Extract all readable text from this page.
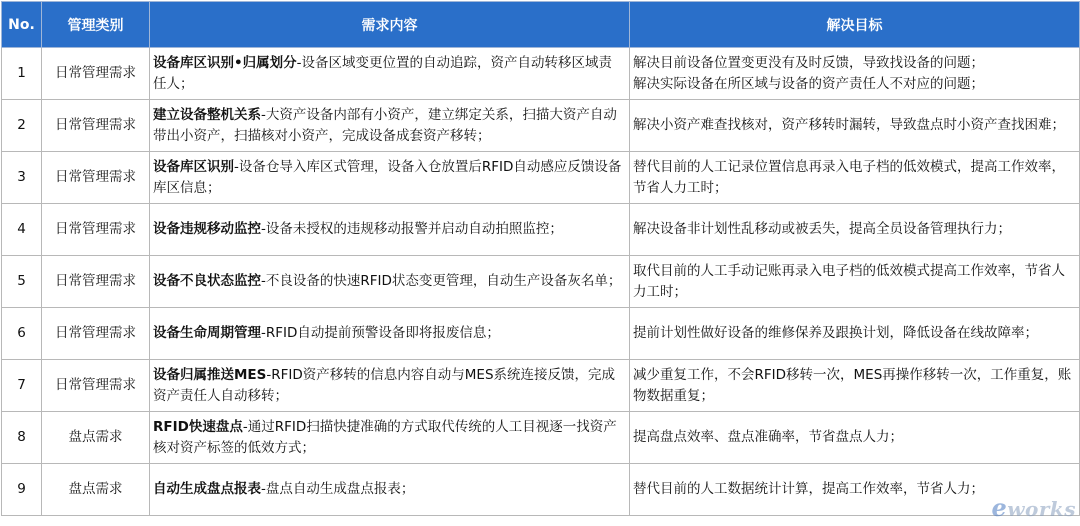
No.	管理类别	需求内容	解决目标
1	日常管理需求	设备库区识别•归属划分-设备区域变更位置的自动追踪，资产自动转移区域责任人；	解决目前设备位置变更没有及时反馈，导致找设备的问题；
解决实际设备在所区域与设备的资产责任人不对应的问题；
2	日常管理需求	建立设备整机关系-大资产设备内部有小资产，建立绑定关系，扫描大资产自动带出小资产，扫描核对小资产，完成设备成套资产移转；	解决小资产难查找核对，资产移转时漏转，导致盘点时小资产查找困难；
3	日常管理需求	设备库区识别-设备仓导入库区式管理，设备入仓放置后RFID自动感应反馈设备库区信息；	替代目前的人工记录位置信息再录入电子档的低效模式，提高工作效率，节省人力工时；
4	日常管理需求	设备违规移动监控-设备未授权的违规移动报警并启动自动拍照监控；	解决设备非计划性乱移动或被丢失，提高全员设备管理执行力；
5	日常管理需求	设备不良状态监控-不良设备的快速RFID状态变更管理，自动生产设备灰名单；	取代目前的人工手动记账再录入电子档的低效模式提高工作效率，节省人力工时；
6	日常管理需求	设备生命周期管理-RFID自动提前预警设备即将报废信息；	提前计划性做好设备的维修保养及跟换计划，降低设备在线故障率；
7	日常管理需求	设备归属推送MES-RFID资产移转的信息内容自动与MES系统连接反馈，完成资产责任人自动移转；	减少重复工作，不会RFID移转一次，MES再操作移转一次，工作重复，账物数据重复；
8	盘点需求	RFID快速盘点-通过RFID扫描快捷准确的方式取代传统的人工目视逐一找资产核对资产标签的低效方式；	提高盘点效率、盘点准确率，节省盘点人力；
9	盘点需求	自动生成盘点报表-盘点自动生成盘点报表；	替代目前的人工数据统计计算，提高工作效率，节省人力；
eworks
